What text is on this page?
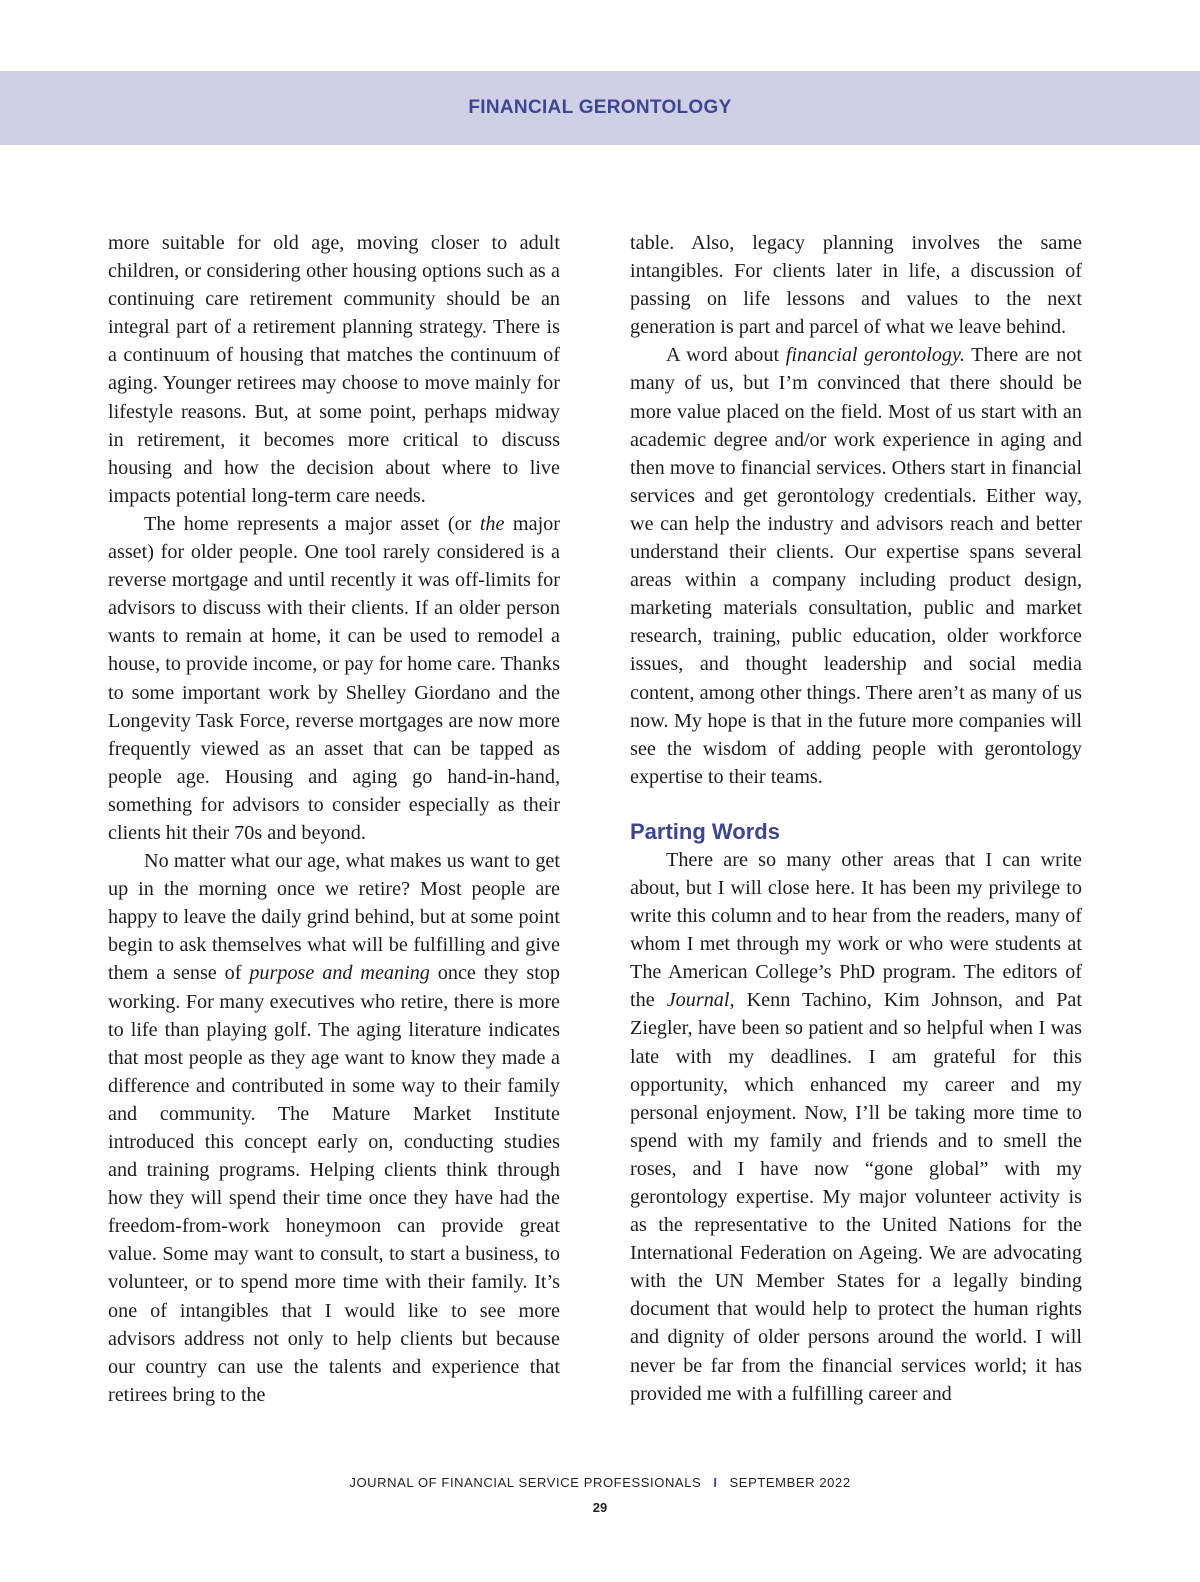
FINANCIAL GERONTOLOGY

more suitable for old age, moving closer to adult children, or considering other housing options such as a continuing care retirement community should be an integral part of a retirement planning strategy. There is a continuum of housing that matches the continuum of aging. Younger retirees may choose to move mainly for lifestyle reasons. But, at some point, perhaps midway in retirement, it becomes more critical to discuss housing and how the decision about where to live impacts potential long-term care needs.

The home represents a major asset (or the major asset) for older people. One tool rarely considered is a reverse mortgage and until recently it was off-limits for advisors to discuss with their clients. If an older person wants to remain at home, it can be used to remodel a house, to provide income, or pay for home care. Thanks to some important work by Shelley Giordano and the Longevity Task Force, reverse mortgages are now more frequently viewed as an asset that can be tapped as people age. Housing and aging go hand-in-hand, something for advisors to consider especially as their clients hit their 70s and beyond.

No matter what our age, what makes us want to get up in the morning once we retire? Most people are happy to leave the daily grind behind, but at some point begin to ask themselves what will be fulfilling and give them a sense of purpose and meaning once they stop working. For many executives who retire, there is more to life than playing golf. The aging literature indicates that most people as they age want to know they made a difference and contributed in some way to their family and community. The Mature Market Institute introduced this concept early on, conducting studies and training programs. Helping clients think through how they will spend their time once they have had the freedom-from-work honeymoon can provide great value. Some may want to consult, to start a business, to volunteer, or to spend more time with their family. It’s one of intangibles that I would like to see more advisors address not only to help clients but because our country can use the talents and experience that retirees bring to the

table. Also, legacy planning involves the same intangibles. For clients later in life, a discussion of passing on life lessons and values to the next generation is part and parcel of what we leave behind.

A word about financial gerontology. There are not many of us, but I’m convinced that there should be more value placed on the field. Most of us start with an academic degree and/or work experience in aging and then move to financial services. Others start in financial services and get gerontology credentials. Either way, we can help the industry and advisors reach and better understand their clients. Our expertise spans several areas within a company including product design, marketing materials consultation, public and market research, training, public education, older workforce issues, and thought leadership and social media content, among other things. There aren’t as many of us now. My hope is that in the future more companies will see the wisdom of adding people with gerontology expertise to their teams.

Parting Words

There are so many other areas that I can write about, but I will close here. It has been my privilege to write this column and to hear from the readers, many of whom I met through my work or who were students at The American College’s PhD program. The editors of the Journal, Kenn Tachino, Kim Johnson, and Pat Ziegler, have been so patient and so helpful when I was late with my deadlines. I am grateful for this opportunity, which enhanced my career and my personal enjoyment. Now, I’ll be taking more time to spend with my family and friends and to smell the roses, and I have now “gone global” with my gerontology expertise. My major volunteer activity is as the representative to the United Nations for the International Federation on Ageing. We are advocating with the UN Member States for a legally binding document that would help to protect the human rights and dignity of older persons around the world. I will never be far from the financial services world; it has provided me with a fulfilling career and

JOURNAL OF FINANCIAL SERVICE PROFESSIONALS I SEPTEMBER 2022
29
